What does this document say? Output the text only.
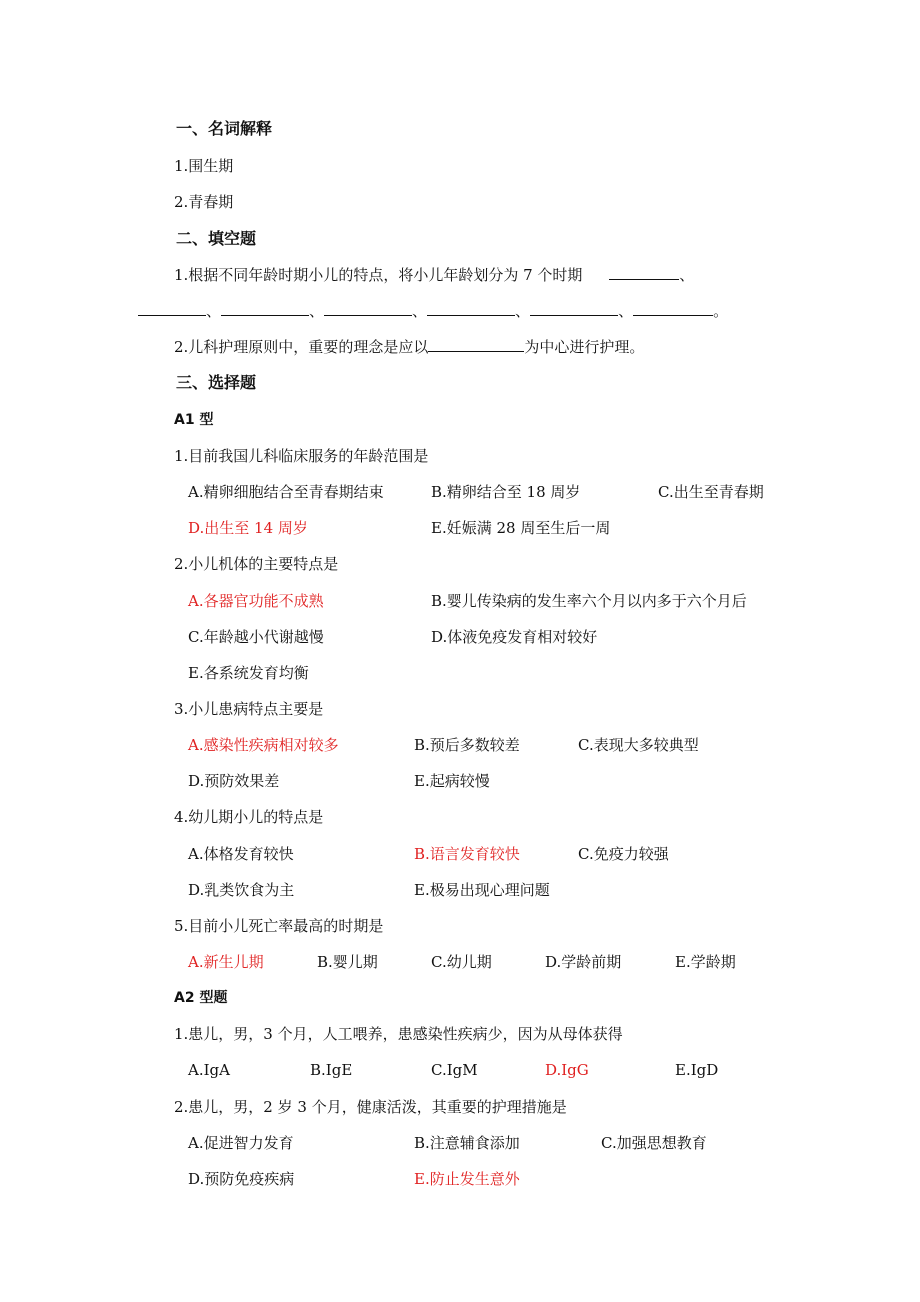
一、名词解释
1.围生期
2.青春期
二、填空题
1.根据不同年龄时期小儿的特点，将小儿年龄划分为 7 个时期	、
、	、	、	、	、	。
2.儿科护理原则中，重要的理念是应以	为中心进行护理。
三、选择题
A1 型
1.目前我国儿科临床服务的年龄范围是
A.精卵细胞结合至青春期结束	B.精卵结合至 18 周岁	C.出生至青春期
D.出生至 14 周岁	E.妊娠满 28 周至生后一周
2.小儿机体的主要特点是
A.各器官功能不成熟	B.婴儿传染病的发生率六个月以内多于六个月后
C.年龄越小代谢越慢	D.体液免疫发育相对较好
E.各系统发育均衡
3.小儿患病特点主要是
A.感染性疾病相对较多	B.预后多数较差	C.表现大多较典型
D.预防效果差	E.起病较慢
4.幼儿期小儿的特点是
A.体格发育较快	B.语言发育较快	C.免疫力较强
D.乳类饮食为主	E.极易出现心理问题
5.目前小儿死亡率最高的时期是
A.新生儿期	B.婴儿期	C.幼儿期	D.学龄前期	E.学龄期
A2 型题
1.患儿，男，3 个月，人工喂养，患感染性疾病少，因为从母体获得
A.IgA	B.IgE	C.IgM	D.IgG	E.IgD
2.患儿，男，2 岁 3 个月，健康活泼，其重要的护理措施是
A.促进智力发育	B.注意辅食添加	C.加强思想教育
D.预防免疫疾病	E.防止发生意外
